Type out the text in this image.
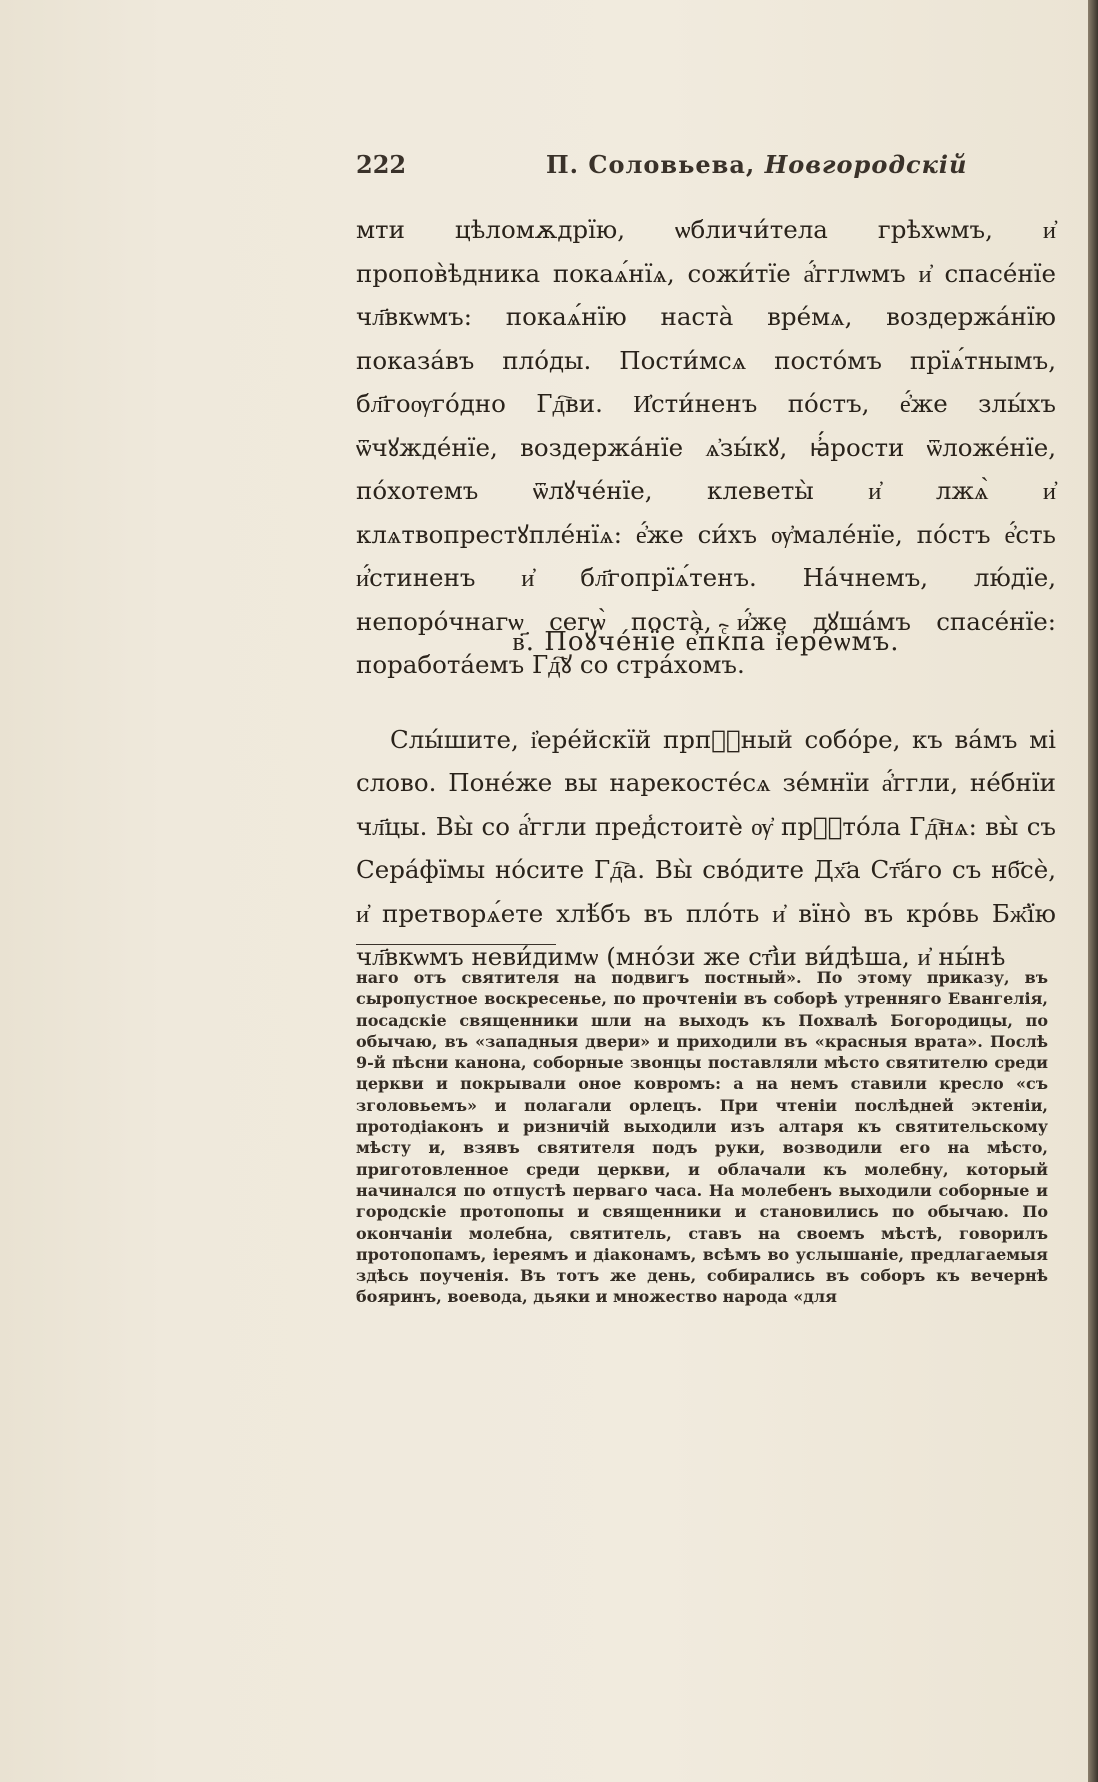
222	П. Соловьева, Новгородскій

мти цѣломѫдрїю, ѡбличи́тела грѣхѡмъ, и҆ пропов̀ѣдника покаѧ́нїѧ, сожи́тїе а҆́гглѡмъ и҆ спасе́нїе чл҃вкѡмъ: покаѧ́нїю наста̀ вре́мѧ, воздержа́нїю показа́въ пло́ды. Пости́мсѧ посто́мъ прїѧ́тнымъ, бл҃гоѹго́дно Гд҇ви. И҆сти́ненъ по́стъ, е҆́же злы́хъ ѿчꙋжде́нїе, воздержа́нїе ѧ҆зы́кꙋ, ꙗ҆́рости ѿложе́нїе, по́хотемъ ѿлꙋче́нїе, клеветы̀ и҆ лжѧ̀ и҆ клѧтвопрестꙋпле́нїѧ: е҆́же си́хъ ѹ҆мале́нїе, по́стъ е҆́сть и҆́стиненъ и҆ бл҃гопрїѧ́тенъ. На́чнемъ, лю́дїе, непоро́чнагѡ сегѡ̀ поста̀, и҆́же дꙋша́мъ спасе́нїе: поработа́емъ Гд҇ꙋ со стра́хомъ.

в҃. Поꙋче́нїе е҆пкⷭ҇па і҆ере́ѡмъ.

Слы́шите, і҆ере́йскїй прпⷭ҇ный собо́ре, къ ва́мъ мі слово. Поне́же вы нарекосте́сѧ зе́мнїи а҆́ггли, не́бнїи чл҃цы. Вы̀ со а҆́ггли пред̾стоитѐ ѹ҆ прⷭ҇то́ла Гд҇нѧ: вы̀ съ Сера́фїмы но́сите Гд҇а. Вы̀ сво́дите Дх҃а Ст҃а́го съ нб҃сѐ, и҆ претворѧ́ете хлѣ́бъ въ пло́ть и҆ вїно̀ въ кро́вь Бж҃їю чл҃вкѡмъ неви́димѡ (мно́зи же ст҃і̀и ви́дѣша, и҆ ны́нѣ

наго отъ святителя на подвигъ постный». По этому приказу, въ сыропустное воскресенье, по прочтеніи въ соборѣ утренняго Евангелія, посадскіе священники шли на выходъ къ Похвалѣ Богородицы, по обычаю, въ «западныя двери» и приходили въ «красныя врата». Послѣ 9-й пѣсни канона, соборные звонцы поставляли мѣсто святителю среди церкви и покрывали оное ковромъ: а на немъ ставили кресло «съ зголовьемъ» и полагали орлецъ. При чтеніи послѣдней эктеніи, протодіаконъ и ризничій выходили изъ алтаря къ святительскому мѣсту и, взявъ святителя подъ руки, возводили его на мѣсто, приготовленное среди церкви, и облачали къ молебну, который начинался по отпустѣ перваго часа. На молебенъ выходили соборные и городскіе протопопы и священники и становились по обычаю. По окончаніи молебна, святитель, ставъ на своемъ мѣстѣ, говорилъ протопопамъ, іереямъ и діаконамъ, всѣмъ во услышаніе, предлагаемыя здѣсь поученія. Въ тотъ же день, собирались въ соборъ къ вечернѣ бояринъ, воевода, дьяки и множество народа «для
